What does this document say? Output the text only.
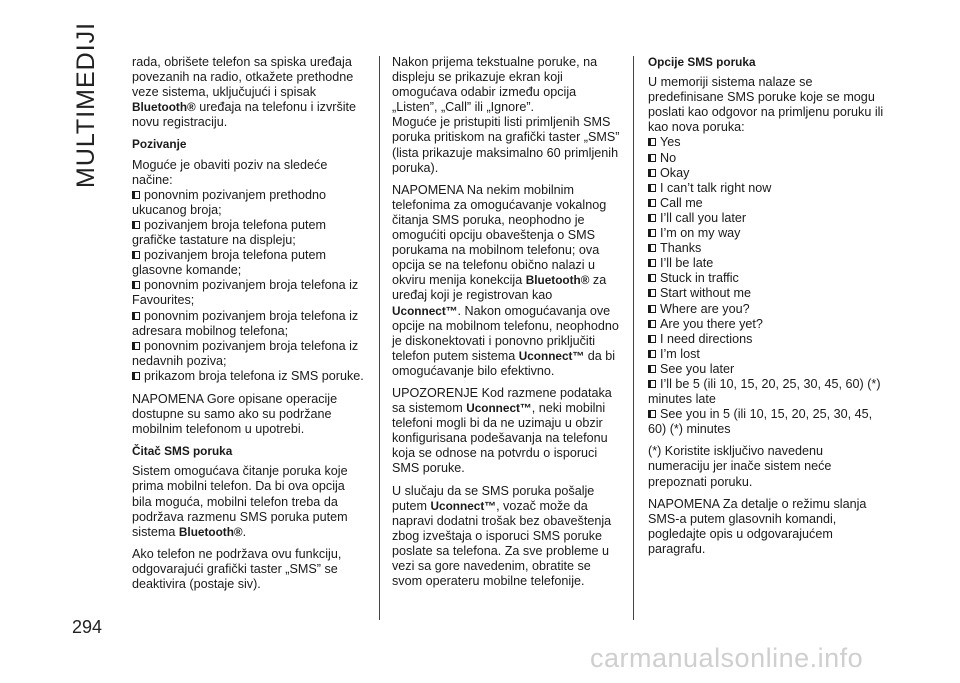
MULTIMEDIJI
294

rada, obrišete telefon sa spiska uređaja povezanih na radio, otkažete prethodne veze sistema, uključujući i spisak Bluetooth® uređaja na telefonu i izvršite novu registraciju.

Pozivanje

Moguće je obaviti poziv na sledeće načine:

ponovnim pozivanjem prethodno ukucanog broja;

pozivanjem broja telefona putem grafičke tastature na displeju;

pozivanjem broja telefona putem glasovne komande;

ponovnim pozivanjem broja telefona iz Favourites;

ponovnim pozivanjem broja telefona iz adresara mobilnog telefona;

ponovnim pozivanjem broja telefona iz nedavnih poziva;

prikazom broja telefona iz SMS poruke.

NAPOMENA Gore opisane operacije dostupne su samo ako su podržane mobilnim telefonom u upotrebi.

Čitač SMS poruka

Sistem omogućava čitanje poruka koje prima mobilni telefon. Da bi ova opcija bila moguća, mobilni telefon treba da podržava razmenu SMS poruka putem sistema Bluetooth®.

Ako telefon ne podržava ovu funkciju, odgovarajući grafički taster „SMS” se deaktivira (postaje siv).

Nakon prijema tekstualne poruke, na displeju se prikazuje ekran koji omogućava odabir između opcija „Listen”, „Call” ili „Ignore”.

Moguće je pristupiti listi primljenih SMS poruka pritiskom na grafički taster „SMS” (lista prikazuje maksimalno 60 primljenih poruka).

NAPOMENA Na nekim mobilnim telefonima za omogućavanje vokalnog čitanja SMS poruka, neophodno je omogućiti opciju obaveštenja o SMS porukama na mobilnom telefonu; ova opcija se na telefonu obično nalazi u okviru menija konekcija Bluetooth® za uređaj koji je registrovan kao Uconnect™. Nakon omogućavanja ove opcije na mobilnom telefonu, neophodno je diskonektovati i ponovno priključiti telefon putem sistema Uconnect™ da bi omogućavanje bilo efektivno.

UPOZORENJE Kod razmene podataka sa sistemom Uconnect™, neki mobilni telefoni mogli bi da ne uzimaju u obzir konfigurisana podešavanja na telefonu koja se odnose na potvrdu o isporuci SMS poruke.

U slučaju da se SMS poruka pošalje putem Uconnect™, vozač može da napravi dodatni trošak bez obaveštenja zbog izveštaja o isporuci SMS poruke poslate sa telefona. Za sve probleme u vezi sa gore navedenim, obratite se svom operateru mobilne telefonije.

Opcije SMS poruka

U memoriji sistema nalaze se predefinisane SMS poruke koje se mogu poslati kao odgovor na primljenu poruku ili kao nova poruka:

Yes

No

Okay

I can’t talk right now

Call me

I’ll call you later

I’m on my way

Thanks

I’ll be late

Stuck in traffic

Start without me

Where are you?

Are you there yet?

I need directions

I’m lost

See you later

I’ll be 5 (ili 10, 15, 20, 25, 30, 45, 60) (*) minutes late

See you in 5 (ili 10, 15, 20, 25, 30, 45, 60) (*) minutes

(*) Koristite isključivo navedenu numeraciju jer inače sistem neće prepoznati poruku.

NAPOMENA Za detalje o režimu slanja SMS-a putem glasovnih komandi, pogledajte opis u odgovarajućem paragrafu.

carmanualsonline.info
